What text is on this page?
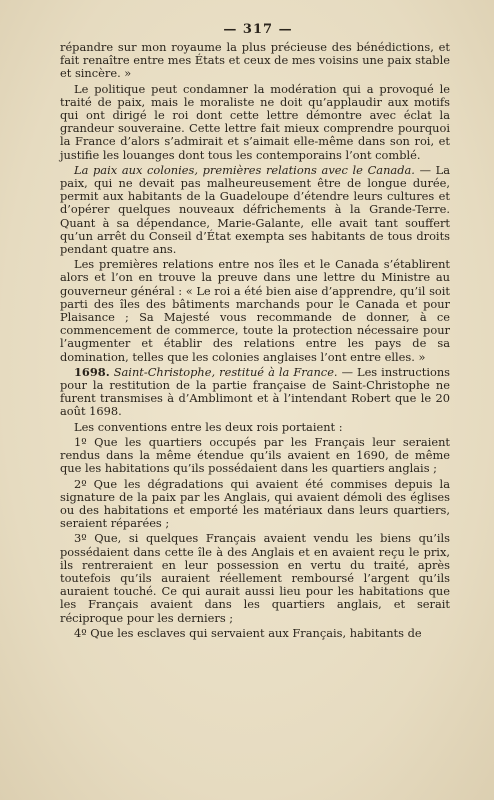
— 317 —

répandre sur mon royaume la plus précieuse des bénédictions, et fait renaître entre mes États et ceux de mes voisins une paix stable et sincère. »

Le politique peut condamner la modération qui a provoqué le traité de paix, mais le moraliste ne doit qu’applaudir aux motifs qui ont dirigé le roi dont cette lettre démontre avec éclat la grandeur souveraine. Cette lettre fait mieux comprendre pourquoi la France d’alors s’admirait et s’aimait elle-même dans son roi, et justifie les louanges dont tous les contemporains l’ont comblé.

La paix aux colonies, premières relations avec le Canada. — La paix, qui ne devait pas malheureusement être de longue durée, permit aux habitants de la Guadeloupe d’étendre leurs cultures et d’opérer quelques nouveaux défrichements à la Grande-Terre. Quant à sa dépendance, Marie-Galante, elle avait tant souffert qu’un arrêt du Conseil d’État exempta ses habitants de tous droits pendant quatre ans.

Les premières relations entre nos îles et le Canada s’établirent alors et l’on en trouve la preuve dans une lettre du Ministre au gouverneur général : « Le roi a été bien aise d’apprendre, qu’il soit parti des îles des bâtiments marchands pour le Canada et pour Plaisance ; Sa Majesté vous recommande de donner, à ce commencement de commerce, toute la protection nécessaire pour l’augmenter et établir des relations entre les pays de sa domination, telles que les colonies anglaises l’ont entre elles. »

1698. Saint-Christophe, restitué à la France. — Les instructions pour la restitution de la partie française de Saint-Christophe ne furent transmises à d’Amblimont et à l’intendant Robert que le 20 août 1698.

Les conventions entre les deux rois portaient :

1º Que les quartiers occupés par les Français leur seraient rendus dans la même étendue qu’ils avaient en 1690, de même que les habitations qu’ils possédaient dans les quartiers anglais ;

2º Que les dégradations qui avaient été commises depuis la signature de la paix par les Anglais, qui avaient démoli des églises ou des habitations et emporté les matériaux dans leurs quartiers, seraient réparées ;

3º Que, si quelques Français avaient vendu les biens qu’ils possédaient dans cette île à des Anglais et en avaient reçu le prix, ils rentreraient en leur possession en vertu du traité, après toutefois qu’ils auraient réellement remboursé l’argent qu’ils auraient touché. Ce qui aurait aussi lieu pour les habitations que les Français avaient dans les quartiers anglais, et serait réciproque pour les derniers ;

4º Que les esclaves qui servaient aux Français, habitants de
